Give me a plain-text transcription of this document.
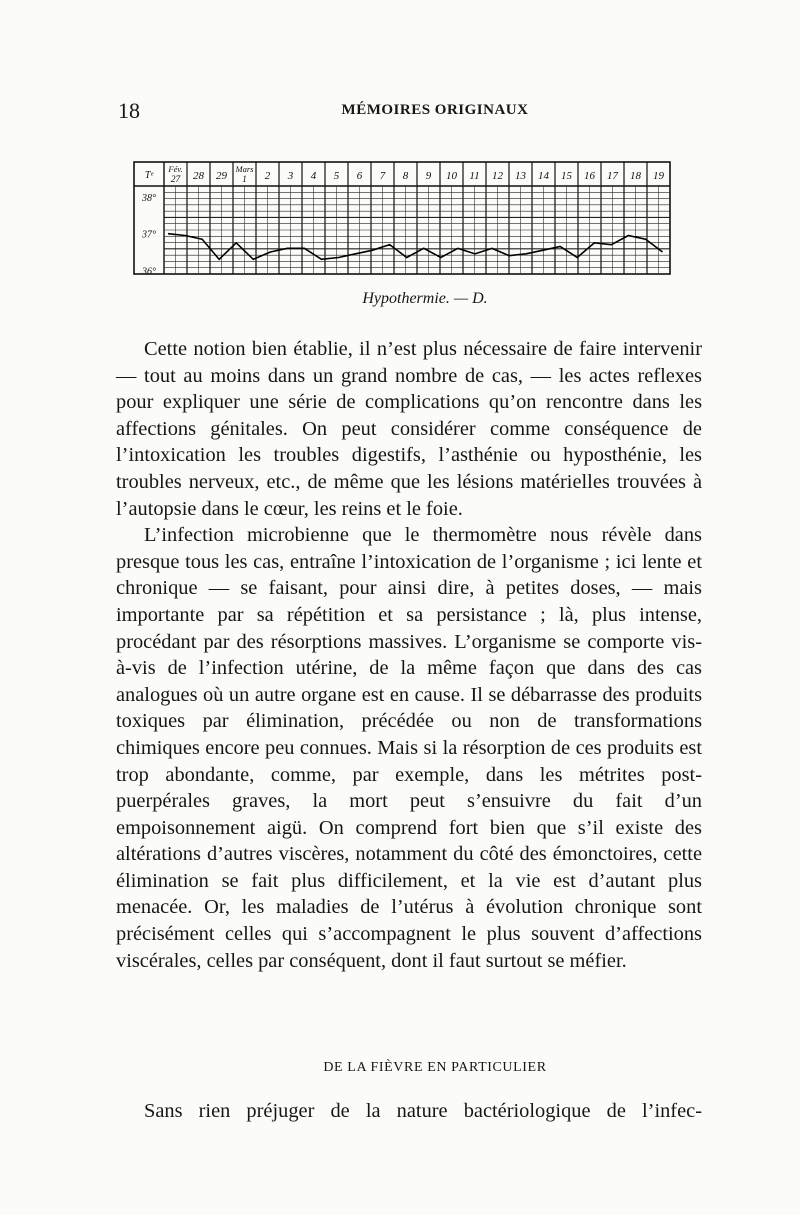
18	MÉMOIRES ORIGINAUX
Fév.
27 28 29
Mars
1 2 3 4 5 6 7 8 9 10 11 12 13 14 15 16 17 18 19
Tᵉ
38°
37°
36°
Hypothermie. — D.

Cette notion bien établie, il n’est plus nécessaire de faire intervenir — tout au moins dans un grand nombre de cas, — les actes reflexes pour expliquer une série de complications qu’on rencontre dans les affections génitales. On peut considérer comme conséquence de l’intoxication les troubles digestifs, l’asthénie ou hyposthénie, les troubles nerveux, etc., de même que les lésions matérielles trouvées à l’autopsie dans le cœur, les reins et le foie.

L’infection microbienne que le thermomètre nous révèle dans presque tous les cas, entraîne l’intoxication de l’organisme ; ici lente et chronique — se faisant, pour ainsi dire, à petites doses, — mais importante par sa répétition et sa persistance ; là, plus intense, procédant par des résorptions massives. L’organisme se comporte vis-à-vis de l’infection utérine, de la même façon que dans des cas analogues où un autre organe est en cause. Il se débarrasse des produits toxiques par élimination, précédée ou non de transformations chimiques encore peu connues. Mais si la résorption de ces produits est trop abondante, comme, par exemple, dans les métrites post-puerpérales graves, la mort peut s’ensuivre du fait d’un empoisonnement aigü. On comprend fort bien que s’il existe des altérations d’autres viscères, notamment du côté des émonctoires, cette élimination se fait plus difficilement, et la vie est d’autant plus menacée. Or, les maladies de l’utérus à évolution chronique sont précisément celles qui s’accompagnent le plus souvent d’affections viscérales, celles par conséquent, dont il faut surtout se méfier.

DE LA FIÈVRE EN PARTICULIER

Sans rien préjuger de la nature bactériologique de l’infec-
